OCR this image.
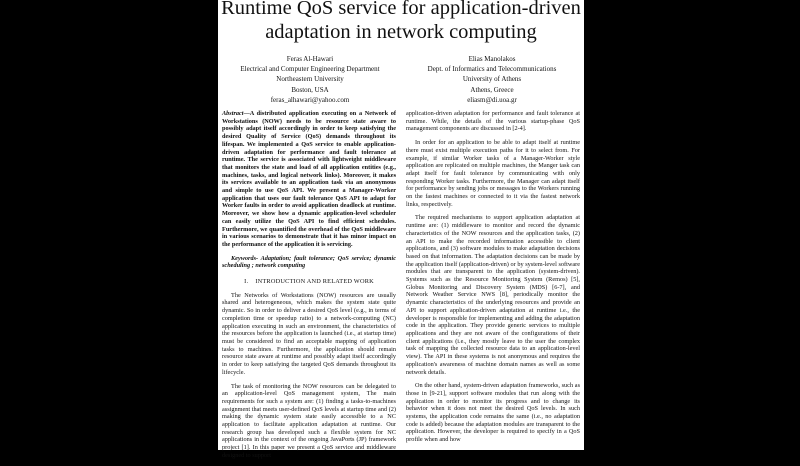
Runtime QoS service for application-driven adaptation in network computing
Feras Al-Hawari
Electrical and Computer Engineering Department
Northeastern University
Boston, USA
feras_alhawari@yahoo.com
Elias Manolakos
Dept. of Informatics and Telecommunications
University of Athens
Athens, Greece
eliasm@di.uoa.gr

Abstract—A distributed application executing on a Network of Workstations (NOW) needs to be resource state aware to possibly adapt itself accordingly in order to keep satisfying the desired Quality of Service (QoS) demands throughout its lifespan. We implemented a QoS service to enable application-driven adaptation for performance and fault tolerance at runtime. The service is associated with lightweight middleware that monitors the state and load of all application entities (e.g., machines, tasks, and logical network links). Moreover, it makes its services available to an application task via an anonymous and simple to use QoS API. We present a Manager-Worker application that uses our fault tolerance QoS API to adapt for Worker faults in order to avoid application deadlock at runtime. Moreover, we show how a dynamic application-level scheduler can easily utilize the QoS API to find efficient schedules. Furthermore, we quantified the overhead of the QoS middleware in various scenarios to demonstrate that it has minor impact on the performance of the application it is servicing.

Keywords- Adaptation; fault tolerance; QoS service; dynamic scheduling ; network computing

I. INTRODUCTION AND RELATED WORK

The Networks of Workstations (NOW) resources are usually shared and heterogeneous, which makes the system state quite dynamic. So in order to deliver a desired QoS level (e.g., in terms of completion time or speedup ratio) to a network-computing (NC) application executing in such an environment, the characteristics of the resources before the application is launched (i.e., at startup time) must be considered to find an acceptable mapping of application tasks to machines. Furthermore, the application should remain resource state aware at runtime and possibly adapt itself accordingly in order to keep satisfying the targeted QoS demands throughout its lifecycle.

The task of monitoring the NOW resources can be delegated to an application-level QoS management system, The main requirements for such a system are: (1) finding a tasks-to-machines assignment that meets user-defined QoS levels at startup time and (2) making the dynamic system state easily accessible to a NC application to facilitate application adaptation at runtime. Our research group has developed such a flexible system for NC applications in the context of the ongoing JavaPorts (JP) framework project [1]. In this paper we present a QoS service and middleware designed to support

application-driven adaptation for performance and fault tolerance at runtime. While, the details of the various startup-phase QoS management components are discussed in [2-4].

In order for an application to be able to adapt itself at runtime there must exist multiple execution paths for it to select from. For example, if similar Worker tasks of a Manager-Worker style application are replicated on multiple machines, the Manger task can adapt itself for fault tolerance by communicating with only responding Worker tasks. Furthermore, the Manager can adapt itself for performance by sending jobs or messages to the Workers running on the fastest machines or connected to it via the fastest network links, respectively.

The required mechanisms to support application adaptation at runtime are: (1) middleware to monitor and record the dynamic characteristics of the NOW resources and the application tasks, (2) an API to make the recorded information accessible to client applications, and (3) software modules to make adaptation decisions based on that information. The adaptation decisions can be made by the application itself (application-driven) or by system-level software modules that are transparent to the application (system-driven). Systems such as the Resource Monitoring System (Remos) [5], Globus Monitoring and Discovery System (MDS) [6-7], and Network Weather Service NWS [8], periodically monitor the dynamic characteristics of the underlying resources and provide an API to support application-driven adaptation at runtime i.e., the developer is responsible for implementing and adding the adaptation code in the application. They provide generic services to multiple applications and they are not aware of the configurations of their client applications (i.e., they mostly leave to the user the complex task of mapping the collected resource data to an application-level view). The API in these systems is not anonymous and requires the application's awareness of machine domain names as well as some network details.

On the other hand, system-driven adaptation frameworks, such as those in [9-21], support software modules that run along with the application in order to monitor its progress and to change its behavior when it does not meet the desired QoS levels. In such systems, the application code remains the same (i.e., no adaptation code is added) because the adaptation modules are transparent to the application. However, the developer is required to specify in a QoS profile when and how
